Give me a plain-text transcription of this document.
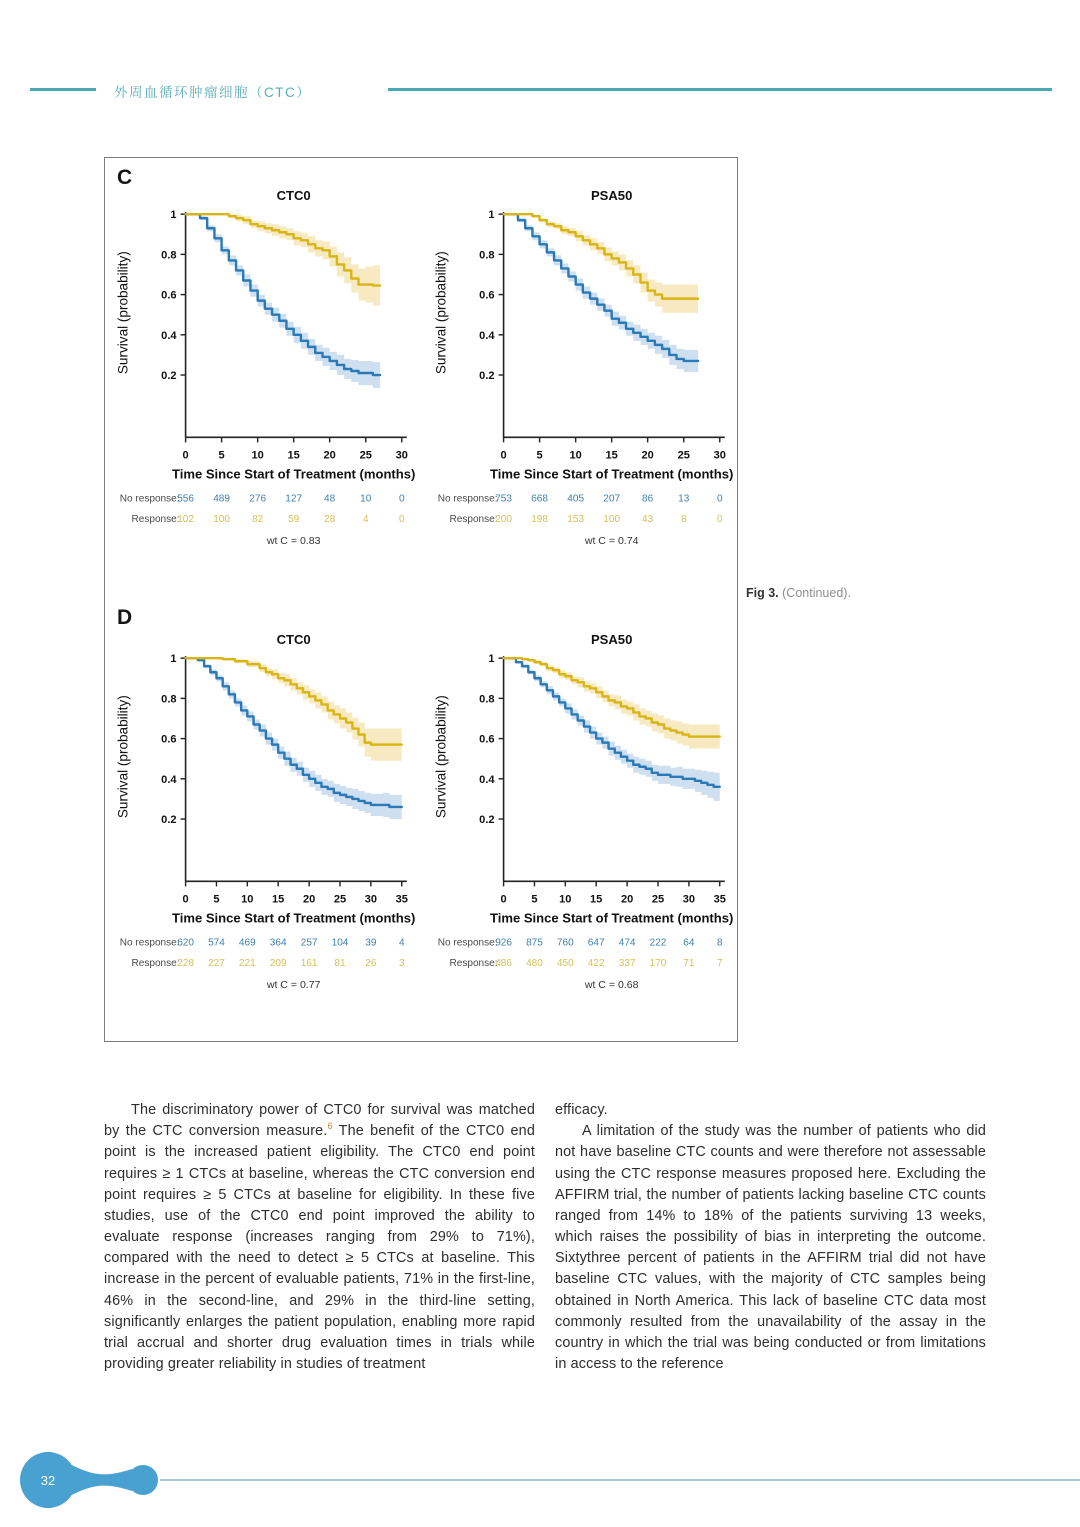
外周血循环肿瘤细胞（CTC）
C
1
0.8
0.6
0.4
0.2
0	5 10 15 20 25 30
CTC0
Survival (probability)
Time Since Start of Treatment (months)
No response:
556 489 276 127 48 10	0
Response:
102 100 82 59 28	4	0
wt C = 0.83
1
0.8
0.6
0.4
0.2
0	5 10 15 20 25 30
PSA50
Survival (probability)
Time Since Start of Treatment (months)
No response:
753 668 405 207 86 13	0
Response:
200 198 153 100 43	8	0
wt C = 0.74
D
1
0.8
0.6
0.4
0.2
0 5 10 15 20 25 30 35
CTC0
Survival (probability)
Time Since Start of Treatment (months)
No response:
620 574 469 364 257 104 39 4
Response:
228 227 221 209 161 81 26 3
wt C = 0.77
1
0.8
0.6
0.4
0.2
0 5 10 15 20 25 30 35
PSA50
Survival (probability)
Time Since Start of Treatment (months)
No response:
926 875 760 647 474 222 64 8
Response:
486 480 450 422 337 170 71 7
wt C = 0.68
Fig 3. (Continued).

The discriminatory power of CTC0 for survival was matched by the CTC conversion measure.$^6$ The benefit of the CTC0 end point is the increased patient eligibility. The CTC0 end point requires ≥ 1 CTCs at baseline, whereas the CTC conversion end point requires ≥ 5 CTCs at baseline for eligibility. In these five studies, use of the CTC0 end point improved the ability to evaluate response (increases ranging from 29% to 71%), compared with the need to detect ≥ 5 CTCs at baseline. This increase in the percent of evaluable patients, 71% in the first-line, 46% in the second-line, and 29% in the third-line setting, significantly enlarges the patient population, enabling more rapid trial accrual and shorter drug evaluation times in trials while providing greater reliability in studies of treatment

efficacy.

A limitation of the study was the number of patients who did not have baseline CTC counts and were therefore not assessable using the CTC response measures proposed here. Excluding the AFFIRM trial, the number of patients lacking baseline CTC counts ranged from 14% to 18% of the patients surviving 13 weeks, which raises the possibility of bias in interpreting the outcome. Sixtythree percent of patients in the AFFIRM trial did not have baseline CTC values, with the majority of CTC samples being obtained in North America. This lack of baseline CTC data most commonly resulted from the unavailability of the assay in the country in which the trial was being conducted or from limitations in access to the reference

32
